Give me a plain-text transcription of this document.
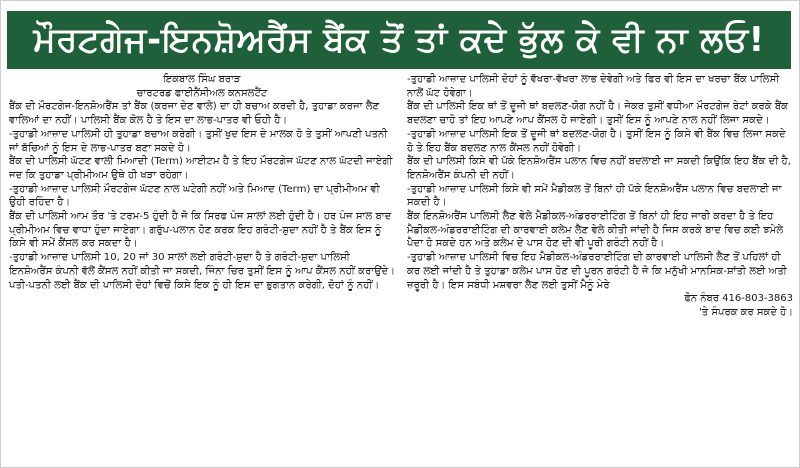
ਮੌਰਟਗੇਜ-ਇਨਸ਼ੋਅਰੈਂਸ ਬੈਂਕ ਤੋਂ ਤਾਂ ਕਦੇ ਭੁੱਲ ਕੇ ਵੀ ਨਾ ਲਓ!
ਇਕਬਾਲ ਸਿੰਘ ਬਰਾੜ
ਚਾਰਟਰਡ ਫਾਈਨੈਂਸੀਅਲ ਕਨਸਲਟੈਂਟ

ਬੈਂਕ ਦੀ ਮੌਰਟਗੇਜ-ਇਨਸ਼ੋਅਰੈਂਸ ਤਾਂ ਬੈਂਕ (ਕਰਜਾ ਦੇਣ ਵਾਲੇ) ਦਾ ਹੀ ਬਚਾਅ ਕਰਦੀ ਹੈ, ਤੁਹਾਡਾ ਕਰਜਾ ਲੈਣ ਵਾਲਿਆਂ ਦਾ ਨਹੀਂ। ਪਾਲਿਸੀ ਬੈਂਕ ਕੋਲ ਹੈ ਤੇ ਇਸ ਦਾ ਲਾਭ-ਪਾਤਰ ਵੀ ਓਹੀ ਹੈ।

-ਤੁਹਾਡੀ ਆਜ਼ਾਦ ਪਾਲਿਸੀ ਹੀ ਤੁਹਾਡਾ ਬਚਾਅ ਕਰੇਗੀ। ਤੁਸੀਂ ਖੁਦ ਇਸ ਦੇ ਮਾਲਕ ਹੋ ਤੇ ਤੁਸੀਂ ਆਪਣੀ ਪਤਨੀ ਜਾਂ ਬੱਚਿਆਂ ਨੂੰ ਇਸ ਦੇ ਲਾਭ-ਪਾਤਰ ਬਣਾ ਸਕਦੇ ਹੋ।

ਬੈਂਕ ਦੀ ਪਾਲਿਸੀ ਘੱਟਣ ਵਾਲੀ ਮਿਆਦੀ (Term) ਆਈਟਮ ਹੈ ਤੇ ਇਹ ਮੌਰਟਗੇਜ ਘੱਟਣ ਨਾਲ ਘੱਟਦੀ ਜਾਏਗੀ ਜਦ ਕਿ ਤੁਹਾਡਾ ਪ੍ਰੀਮੀਅਮ ਉਥੇ ਹੀ ਖੜਾ ਰਹੇਗਾ।

-ਤੁਹਾਡੀ ਆਜ਼ਾਦ ਪਾਲਿਸੀ ਮੌਰਟਗੇਜ ਘੱਟਣ ਨਾਲ ਘਟੇਗੀ ਨਹੀਂ ਅਤੇ ਮਿਆਦ (Term) ਦਾ ਪ੍ਰੀਮੀਅਮ ਵੀ ਉਹੀ ਰਹਿੰਦਾ ਹੈ।

ਬੈਂਕ ਦੀ ਪਾਲਿਸੀ ਆਮ ਤੌਰ 'ਤੇ ਟਰਮ-5 ਹੁੰਦੀ ਹੈ ਜੋ ਕਿ ਸਿਰਫ ਪੰਜ ਸਾਲਾਂ ਲਈ ਹੁੰਦੀ ਹੈ। ਹਰ ਪੰਜ ਸਾਲ ਬਾਦ ਪ੍ਰੀਮੀਅਮ ਵਿਚ ਵਾਧਾ ਹੁੰਦਾ ਜਾਏਗਾ। ਗਰੁੱਪ-ਪਲਾਨ ਹੋਣ ਕਰਕ ਇਹ ਗਰੰਟੀ-ਸ਼ੁਦਾ ਨਹੀਂ ਹੈ ਤੇ ਬੈਂਕ ਇਸ ਨੂੰ ਕਿਸੇ ਵੀ ਸਮੇਂ ਕੈਂਸਲ ਕਰ ਸਕਦਾ ਹੈ।

-ਤੁਹਾਡੀ ਆਜ਼ਾਦ ਪਾਲਿਸੀ 10, 20 ਜਾਂ 30 ਸਾਲਾਂ ਲਈ ਗਰੰਟੀ-ਸ਼ੁਦਾ ਹੈ ਤੇ ਗਰੰਟੀ-ਸ਼ੁਦਾ ਪਾਲਿਸੀ ਇਨਸ਼ੋਅਰੈਂਸ ਕੰਪਨੀ ਵੱਲੋਂ ਕੈਂਸਲ ਨਹੀਂ ਕੀਤੀ ਜਾ ਸਕਦੀ, ਜਿੰਨਾ ਚਿਰ ਤੁਸੀਂ ਇਸ ਨੂੰ ਆਪ ਕੈਂਸਲ ਨਹੀਂ ਕਰਾਉਂਦੇ।

ਪਤੀ-ਪਤਨੀ ਲਈ ਬੈਂਕ ਦੀ ਪਾਲਿਸੀ ਦੋਹਾਂ ਵਿਚੋਂ ਕਿਸੇ ਇਕ ਨੂੰ ਹੀ ਇਸ ਦਾ ਭੁਗਤਾਨ ਕਰੇਗੀ, ਦੋਹਾਂ ਨੂੰ ਨਹੀਂ।

-ਤੁਹਾਡੀ ਆਜ਼ਾਦ ਪਾਲਿਸੀ ਦੋਹਾਂ ਨੂੰ ਵੱਖਰਾ-ਵੱਖਰਾ ਲਾਭ ਦੇਵੇਗੀ ਅਤੇ ਫਿਰ ਵੀ ਇਸ ਦਾ ਖਰਚਾ ਬੈਂਕ ਪਾਲਿਸੀ ਨਾਲੋਂ ਘੱਟ ਹੋਵੇਗਾ।

ਬੈਂਕ ਦੀ ਪਾਲਿਸੀ ਇਕ ਥਾਂ ਤੋਂ ਦੂਜੀ ਥਾਂ ਬਦਲਣ-ਯੋਗ ਨਹੀਂ ਹੈ। ਜੇਕਰ ਤੁਸੀਂ ਵਧੀਆ ਮੌਰਟਗੇਜ ਰੇਟਾਂ ਕਰਕੇ ਬੈਂਕ ਬਦਲਣਾ ਚਾਹੋ ਤਾਂ ਇਹ ਆਪਣੇ ਆਪ ਕੈਂਸਲ ਹੋ ਜਾਏਗੀ। ਤੁਸੀਂ ਇਸ ਨੂੰ ਆਪਣੇ ਨਾਲ ਨਹੀਂ ਲਿਜਾ ਸਕਦੇ।

-ਤੁਹਾਡੀ ਆਜ਼ਾਦ ਪਾਲਿਸੀ ਇਕ ਤੋਂ ਦੂਜੀ ਥਾਂ ਬਦਲਣ-ਯੋਗ ਹੈ। ਤੁਸੀਂ ਇਸ ਨੂੰ ਕਿਸੇ ਵੀ ਬੈਂਕ ਵਿਚ ਲਿਜਾ ਸਕਦੇ ਹੋ ਤੇ ਇਹ ਬੈਂਕ ਬਦਲਣ ਨਾਲ ਕੈਂਸਲ ਨਹੀਂ ਹੋਵੇਗੀ।

ਬੈਂਕ ਦੀ ਪਾਲਿਸੀ ਕਿਸੇ ਵੀ ਪੱਕੇ ਇਨਸ਼ੋਅਰੈਂਸ ਪਲਾਨ ਵਿਚ ਨਹੀਂ ਬਦਲਾਈ ਜਾ ਸਕਦੀ ਕਿਉਂਕਿ ਇਹ ਬੈਂਕ ਦੀ ਹੈ, ਇਨਸ਼ੋਅਰੈਂਸ ਕੰਪਨੀ ਦੀ ਨਹੀਂ।

-ਤੁਹਾਡੀ ਆਜ਼ਾਦ ਪਾਲਿਸੀ ਕਿਸੇ ਵੀ ਸਮੇਂ ਮੈਡੀਕਲ ਤੋਂ ਬਿਨਾਂ ਹੀ ਪੱਕੇ ਇਨਸ਼ੋਅਰੈਂਸ ਪਲਾਨ ਵਿਚ ਬਦਲਾਈ ਜਾ ਸਕਦੀ ਹੈ।

ਬੈਂਕ ਇਨਸ਼ੋਅਰੈਂਸ ਪਾਲਿਸੀ ਲੈਣ ਵੇਲੇ ਮੈਡੀਕਲ-ਅੰਡਰਰਾਈਟਿੰਗ ਤੋਂ ਬਿਨਾਂ ਹੀ ਇਹ ਜਾਰੀ ਕਰਦਾ ਹੈ ਤੇ ਇਹ ਮੈਡੀਕਲ-ਅੰਡਰਰਾਈਟਿੰਗ ਦੀ ਕਾਰਵਾਈ ਕਲੇਮ ਲੈਣ ਵੇਲੇ ਕੀਤੀ ਜਾਂਦੀ ਹੈ ਜਿਸ ਕਰਕੇ ਬਾਦ ਵਿਚ ਕਈ ਝਮੇਲੇ ਪੈਦਾ ਹੋ ਸਕਦੇ ਹਨ ਅਤੇ ਕਲੇਮ ਦੇ ਪਾਸ ਹੋਣ ਦੀ ਵੀ ਪੂਰੀ ਗਰੰਟੀ ਨਹੀਂ ਹੈ।

-ਤੁਹਾਡੀ ਆਜ਼ਾਦ ਪਾਲਿਸੀ ਵਿਚ ਇਹ ਮੈਡੀਕਲ-ਅੰਡਰਰਾਈਟਿੰਗ ਦੀ ਕਾਰਵਾਈ ਪਾਲਿਸੀ ਲੈਣ ਤੋਂ ਪਹਿਲਾਂ ਹੀ ਕਰ ਲਈ ਜਾਂਦੀ ਹੈ ਤੇ ਤੁਹਾਡਾ ਕਲੇਮ ਪਾਸ ਹੋਣ ਦੀ ਪੂਰਨ ਗਰੰਟੀ ਹੈ ਜੋ ਕਿ ਮਨੁੱਖੀ ਮਾਨਸਿਕ-ਸ਼ਾਂਤੀ ਲਈ ਅਤੀ ਜ਼ਰੂਰੀ ਹੈ। ਇਸ ਸਬੰਧੀ ਮਸ਼ਵਰਾ ਲੈਣ ਲਈ ਤੁਸੀਂ ਮੈਨੂੰ ਮੇਰੇ

ਫੋਨ ਨੰਬਰ 416-803-3863
'ਤੇ ਸੰਪਰਕ ਕਰ ਸਕਦੇ ਹੋ।
